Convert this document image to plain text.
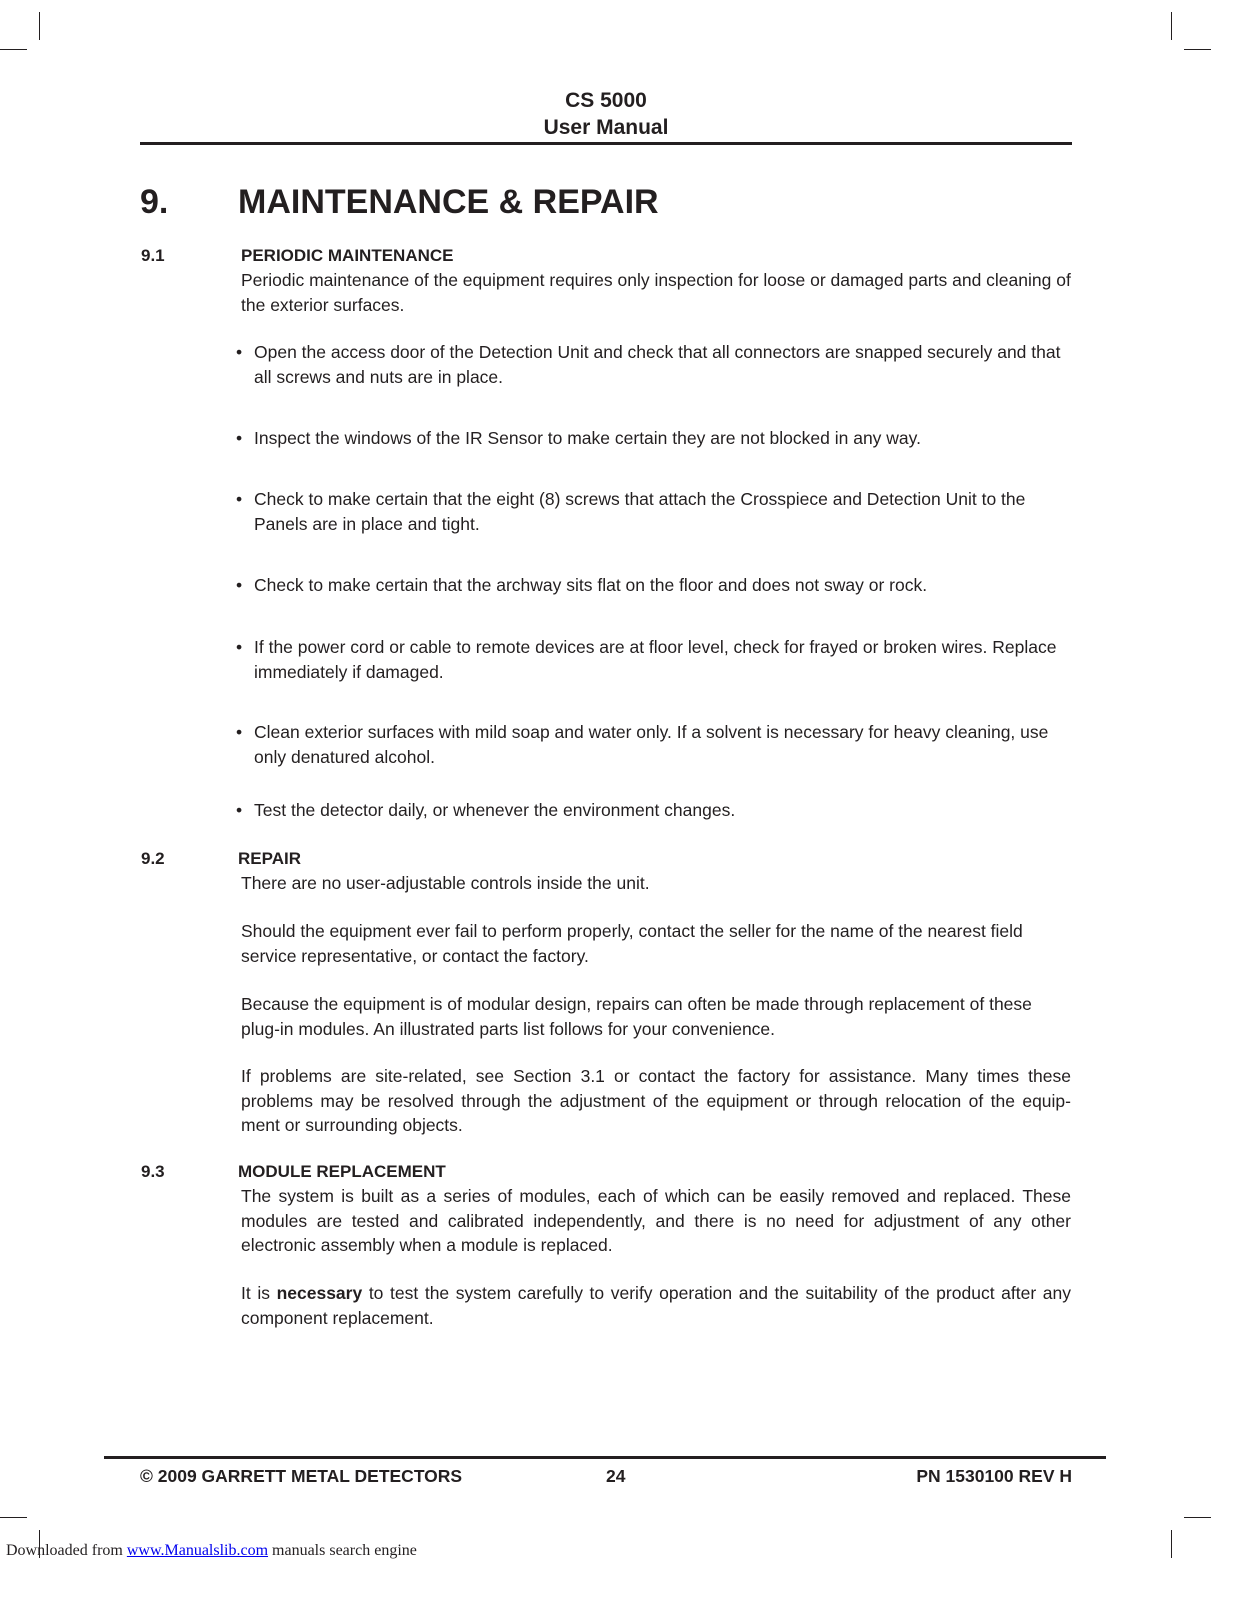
CS 5000
User Manual
9. MAINTENANCE & REPAIR
9.1	PERIODIC MAINTENANCE

Periodic maintenance of the equipment requires only inspection for loose or damaged parts and cleaning of the exterior surfaces.

• Open the access door of the Detection Unit and check that all connectors are snapped securely and that all screws and nuts are in place.
• Inspect the windows of the IR Sensor to make certain they are not blocked in any way.
• Check to make certain that the eight (8) screws that attach the Crosspiece and Detection Unit to the Panels are in place and tight.
• Check to make certain that the archway sits flat on the floor and does not sway or rock.
• If the power cord or cable to remote devices are at floor level, check for frayed or broken wires. Replace immediately if damaged.
• Clean exterior surfaces with mild soap and water only. If a solvent is necessary for heavy cleaning, use only denatured alcohol.
• Test the detector daily, or whenever the environment changes.
9.2	REPAIR

There are no user-adjustable controls inside the unit.

Should the equipment ever fail to perform properly, contact the seller for the name of the nearest field service representative, or contact the factory.

Because the equipment is of modular design, repairs can often be made through replacement of these plug-in modules. An illustrated parts list follows for your convenience.

If problems are site-related, see Section 3.1 or contact the factory for assistance. Many times these problems may be resolved through the adjustment of the equipment or through relocation of the equip-ment or surrounding objects.

9.3	MODULE REPLACEMENT

The system is built as a series of modules, each of which can be easily removed and replaced. These modules are tested and calibrated independently, and there is no need for adjustment of any other electronic assembly when a module is replaced.

It is necessary to test the system carefully to verify operation and the suitability of the product after any component replacement.

© 2009 GARRETT METAL DETECTORS	24	PN 1530100 REV H
Downloaded from www.Manualslib.com manuals search engine
